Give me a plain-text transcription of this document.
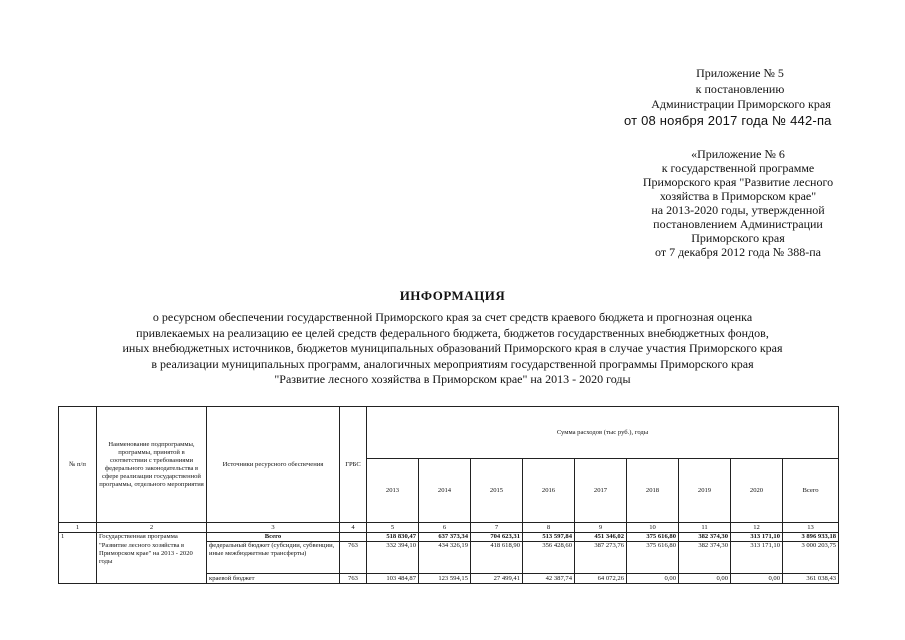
Приложение № 5
к постановлению
Администрации Приморского края
от 08 ноября 2017 года № 442-па
«Приложение № 6
к государственной программе
Приморского края "Развитие лесного
хозяйства в Приморском крае"
на 2013-2020 годы, утвержденной
постановлением Администрации
Приморского края
от 7 декабря 2012 года № 388-па
ИНФОРМАЦИЯ
о ресурсном обеспечении государственной Приморского края за счет средств краевого бюджета и прогнозная оценка
привлекаемых на реализацию ее целей средств федерального бюджета, бюджетов государственных внебюджетных фондов,
иных внебюджетных источников, бюджетов муниципальных образований Приморского края в случае участия Приморского края
в реализации муниципальных программ, аналогичных мероприятиям государственной программы Приморского края
"Развитие лесного хозяйства в Приморском крае" на 2013 - 2020 годы
№ п/п	Наименование подпрограммы, программы, принятой в соответствии с требованиями федерального законодательства в сфере реализации государственной программы, отдельного мероприятия	Источники ресурсного обеспечения	ГРБС	Сумма расходов (тыс руб.), годы								
				2013	2014	2015	2016	2017	2018	2019	2020	Всего
1	2	3	4	5	6	7	8	9	10	11	12	13
1	Государственная программа	Всего		518 830,47	637 373,34	704 623,31	513 597,84	451 346,02	375 616,80	382 374,30	313 171,10	3 896 933,18
	"Развитие лесного хозяйства в Приморском крае" на 2013 - 2020 годы	федеральный бюджет (субсидии, субвенции, иные межбюджетные трансферты)	763	332 394,10	434 326,19	418 618,90	356 428,60	387 273,76	375 616,80	382 374,30	313 171,10	3 000 203,75
		краевой бюджет	763	103 484,87	123 594,15	27 499,41	42 387,74	64 072,26	0,00	0,00	0,00	361 038,43
